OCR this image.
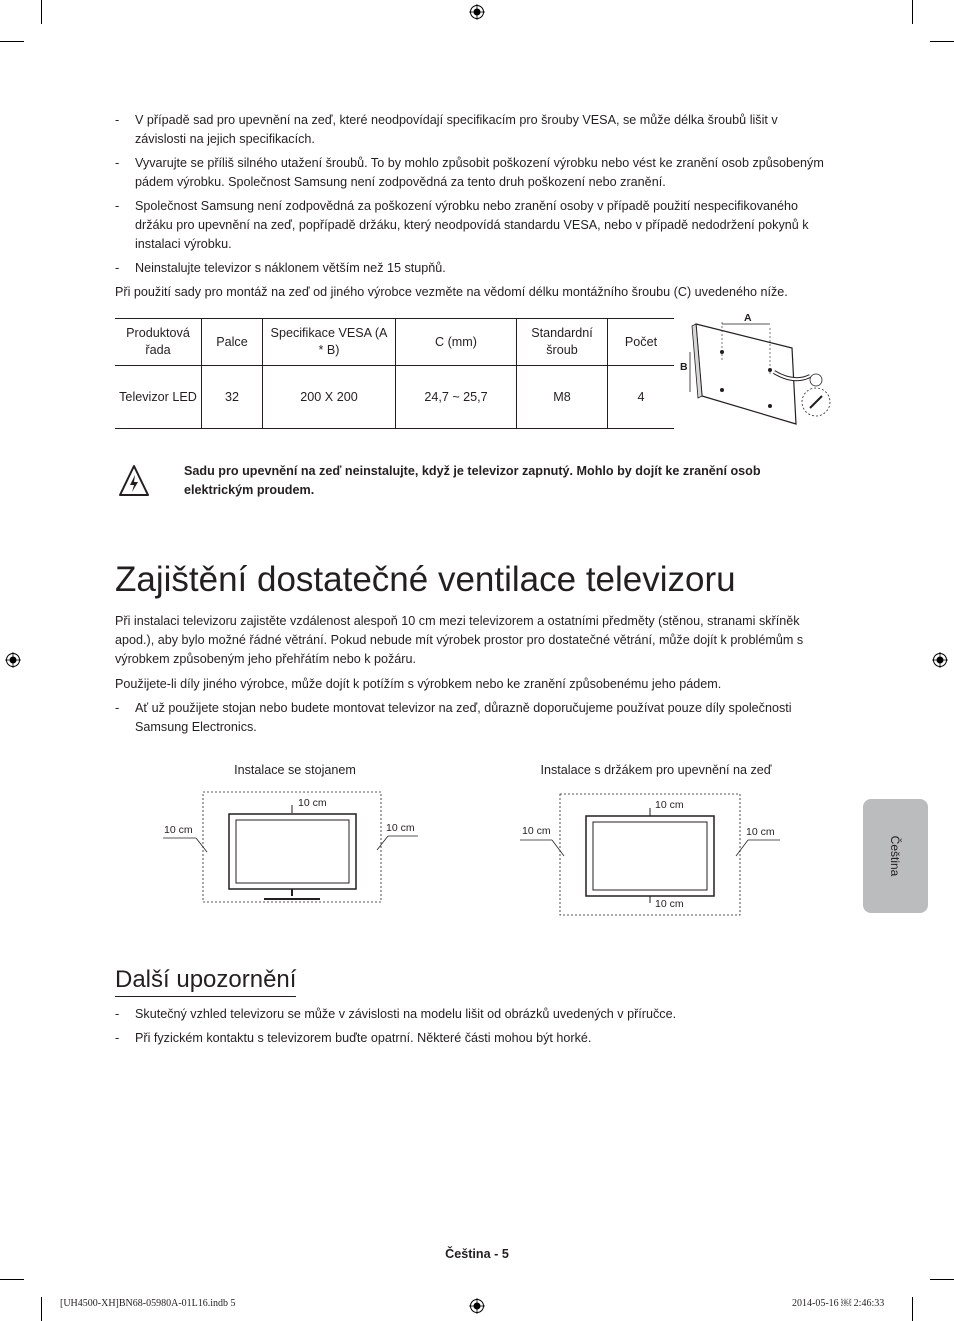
- V případě sad pro upevnění na zeď, které neodpovídají specifikacím pro šrouby VESA, se může délka šroubů lišit v závislosti na jejich specifikacích.
- Vyvarujte se příliš silného utažení šroubů. To by mohlo způsobit poškození výrobku nebo vést ke zranění osob způsobeným pádem výrobku. Společnost Samsung není zodpovědná za tento druh poškození nebo zranění.
- Společnost Samsung není zodpovědná za poškození výrobku nebo zranění osoby v případě použití nespecifikovaného držáku pro upevnění na zeď, popřípadě držáku, který neodpovídá standardu VESA, nebo v případě nedodržení pokynů k instalaci výrobku.
- Neinstalujte televizor s náklonem větším než 15 stupňů.
Při použití sady pro montáž na zeď od jiného výrobce vezměte na vědomí délku montážního šroubu (C) uvedeného níže.
Produktová řada	Palce	Specifikace VESA (A * B)	C (mm)	Standardní šroub	Počet
Televizor LED	32	200 X 200	24,7 ~ 25,7	M8	4
A
B
Sadu pro upevnění na zeď neinstalujte, když je televizor zapnutý. Mohlo by dojít ke zranění osob elektrickým proudem.
Zajištění dostatečné ventilace televizoru
Při instalaci televizoru zajistěte vzdálenost alespoň 10 cm mezi televizorem a ostatními předměty (stěnou, stranami skříněk apod.), aby bylo možné řádné větrání. Pokud nebude mít výrobek prostor pro dostatečné větrání, může dojít k problémům s výrobkem způsobeným jeho přehřátím nebo k požáru.
Použijete-li díly jiného výrobce, může dojít k potížím s výrobkem nebo ke zranění způsobenému jeho pádem.
- Ať už použijete stojan nebo budete montovat televizor na zeď, důrazně doporučujeme používat pouze díly společnosti Samsung Electronics.
Instalace se stojanem
10 cm
10 cm	10 cm
Instalace s držákem pro upevnění na zeď
10 cm
10 cm	10 cm
10 cm
Další upozornění
- Skutečný vzhled televizoru se může v závislosti na modelu lišit od obrázků uvedených v příručce.
- Při fyzickém kontaktu s televizorem buďte opatrní. Některé části mohou být horké.
Čeština
Čeština - 5
[UH4500-XH]BN68-05980A-01L16.indb 5	2014-05-16 ￼ 2:46:33
